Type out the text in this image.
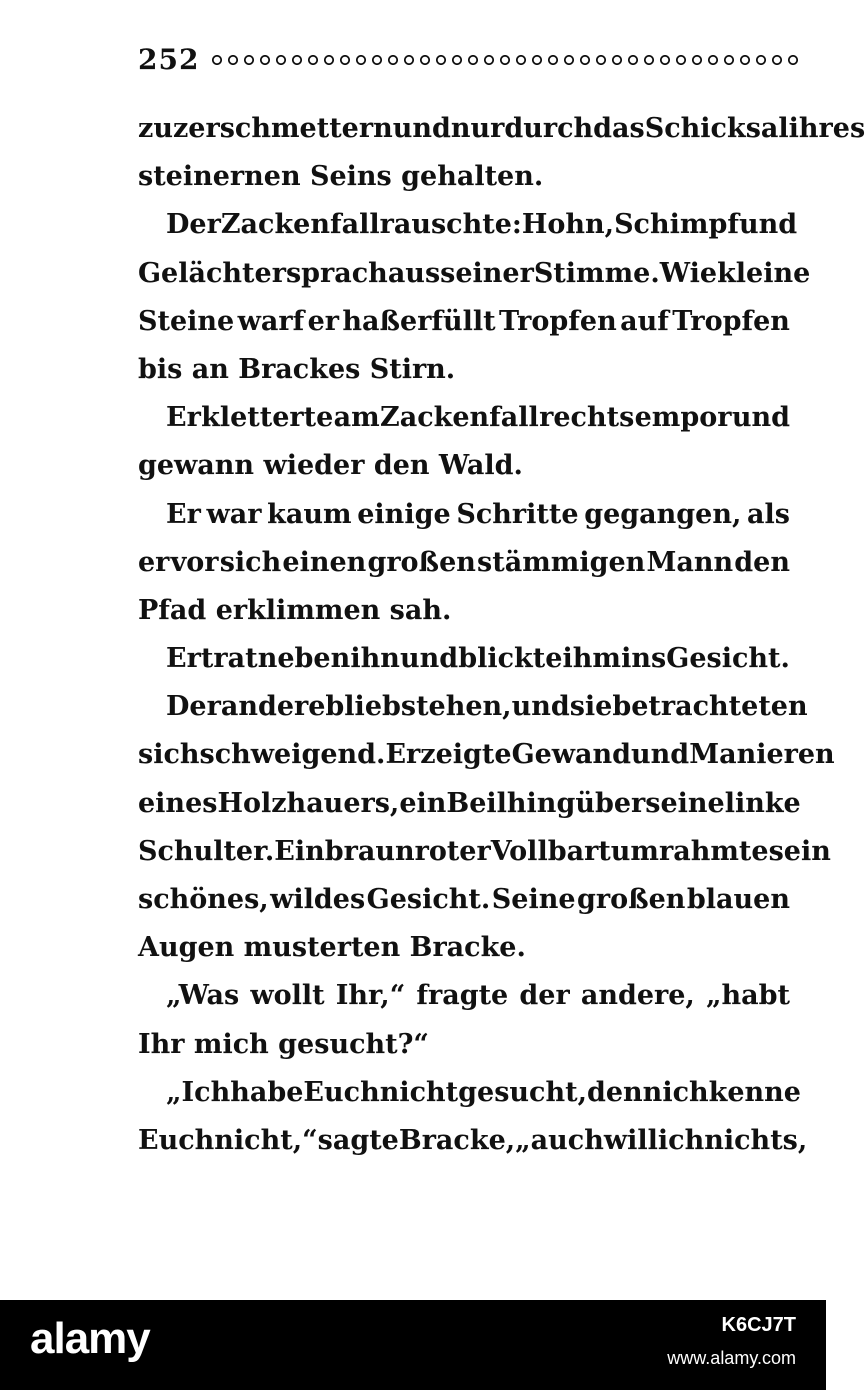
252
zu zerschmettern und nur durch das Schicksal ihres
steinernen Seins gehalten.
Der Zackenfall rauschte: Hohn, Schimpf und
Gelächter sprach aus seiner Stimme. Wie kleine
Steine warf er haßerfüllt Tropfen auf Tropfen
bis an Brackes Stirn.
Er kletterte am Zackenfall rechts empor und
gewann wieder den Wald.
Er war kaum einige Schritte gegangen, als
er vor sich einen großen stämmigen Mann den
Pfad erklimmen sah.
Er trat neben ihn und blickte ihm ins Gesicht.
Der andere blieb stehen, und sie betrachteten
sich schweigend. Er zeigte Gewand und Manieren
eines Holzhauers, ein Beil hing über seine linke
Schulter. Ein braunroter Vollbart umrahmte sein
schönes, wildes Gesicht. Seine großen blauen
Augen musterten Bracke.
„Was wollt Ihr,“ fragte der andere, „habt
Ihr mich gesucht?“
„Ich habe Euch nicht gesucht, denn ich kenne
Euch nicht,“ sagte Bracke, „auch will ich nichts,
alamy	K6CJ7T
www.alamy.com
